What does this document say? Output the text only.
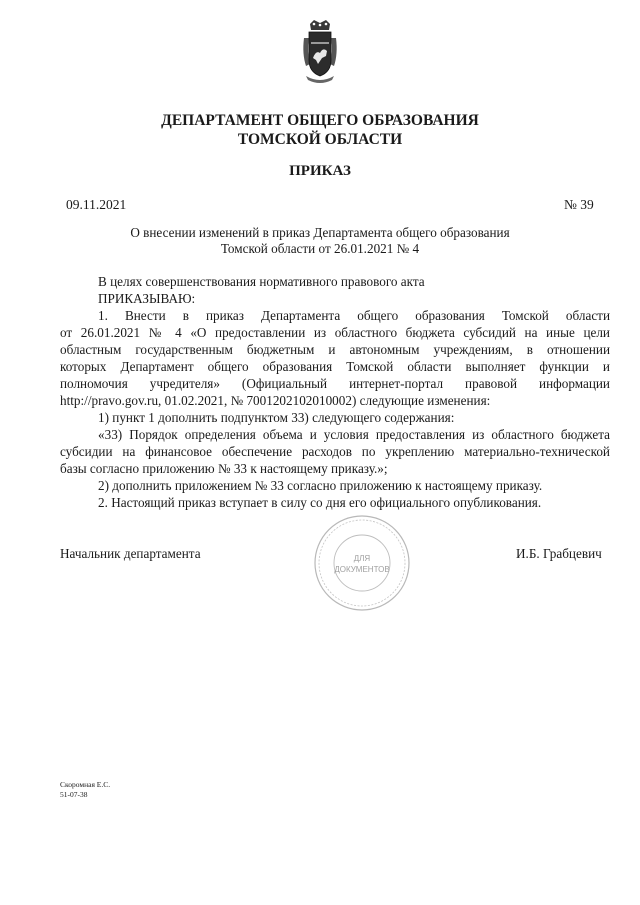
ДЕПАРТАМЕНТ ОБЩЕГО ОБРАЗОВАНИЯ
ТОМСКОЙ ОБЛАСТИ
ПРИКАЗ
09.11.2021	№ 39
О внесении изменений в приказ Департамента общего образования
Томской области от 26.01.2021 № 4
В целях совершенствования нормативного правового акта
ПРИКАЗЫВАЮ:
1. Внести в приказ Департамента общего образования Томской области
от 26.01.2021 № 4 «О предоставлении из областного бюджета субсидий на иные цели
областным государственным бюджетным и автономным учреждениям, в отношении
которых Департамент общего образования Томской области выполняет функции и
полномочия учредителя» (Официальный интернет-портал правовой информации
http://pravo.gov.ru, 01.02.2021, № 7001202102010002) следующие изменения:
1) пункт 1 дополнить подпунктом 33) следующего содержания:
«33) Порядок определения объема и условия предоставления из областного бюджета
субсидии на финансовое обеспечение расходов по укреплению материально-технической
базы согласно приложению № 33 к настоящему приказу.»;
2) дополнить приложением № 33 согласно приложению к настоящему приказу.
2. Настоящий приказ вступает в силу со дня его официального опубликования.
ДЛЯ
ДОКУМЕНТОВ
Начальник департамента	И.Б. Грабцевич
Скоромная Е.С.
51-07-38
